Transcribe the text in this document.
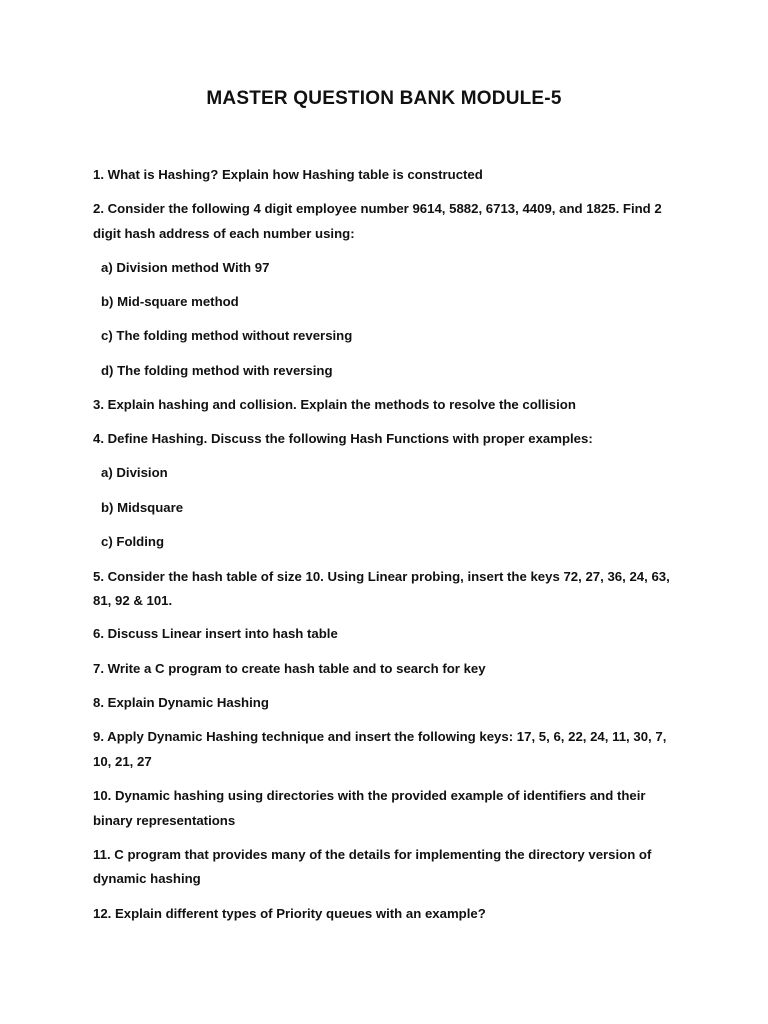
MASTER QUESTION BANK MODULE-5
1. What is Hashing? Explain how Hashing table is constructed
2. Consider the following 4 digit employee number 9614, 5882, 6713, 4409, and 1825. Find 2
digit hash address of each number using:
a) Division method With 97
b) Mid-square method
c) The folding method without reversing
d) The folding method with reversing
3. Explain hashing and collision. Explain the methods to resolve the collision
4. Define Hashing. Discuss the following Hash Functions with proper examples:
a) Division
b) Midsquare
c) Folding
5. Consider the hash table of size 10. Using Linear probing, insert the keys 72, 27, 36, 24, 63,
81, 92 & 101.
6. Discuss Linear insert into hash table
7. Write a C program to create hash table and to search for key
8. Explain Dynamic Hashing
9. Apply Dynamic Hashing technique and insert the following keys: 17, 5, 6, 22, 24, 11, 30, 7,
10, 21, 27
10. Dynamic hashing using directories with the provided example of identifiers and their
binary representations
11. C program that provides many of the details for implementing the directory version of
dynamic hashing
12. Explain different types of Priority queues with an example?
